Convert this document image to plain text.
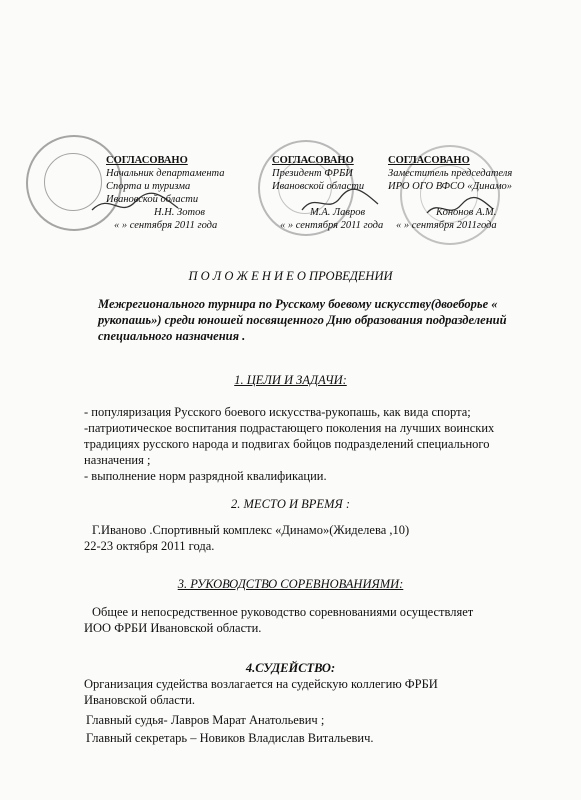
СОГЛАСОВАНО
Начальник департамента
Спорта и туризма
Ивановской области
Н.Н. Зотов
« » сентября 2011 года
СОГЛАСОВАНО
Президент ФРБИ
Ивановской области
М.А. Лавров
« » сентября 2011 года
СОГЛАСОВАНО
Заместитель председателя
ИРО ОГО ВФСО «Динамо»
Кононов А.М.
« » сентября 2011года
П О Л О Ж Е Н И Е О ПРОВЕДЕНИИ
Межрегионального турнира по Русскому боевому искусству(двоеборье «
рукопашь») среди юношей посвященного Дню образования подразделений
специального назначения .
1. ЦЕЛИ И ЗАДАЧИ:
- популяризация Русского боевого искусства-рукопашь, как вида спорта;
-патриотическое воспитания подрастающего поколения на лучших воинских
традициях русского народа и подвигах бойцов подразделений специального
назначения ;
- выполнение норм разрядной квалификации.
2. МЕСТО И ВРЕМЯ :
Г.Иваново .Спортивный комплекс «Динамо»(Жиделева ,10)
22-23 октября 2011 года.
3. РУКОВОДСТВО СОРЕВНОВАНИЯМИ:
Общее и непосредственное руководство соревнованиями осуществляет
ИОО ФРБИ Ивановской области.
4.СУДЕЙСТВО:
Организация судейства возлагается на судейскую коллегию ФРБИ
Ивановской области.
Главный судья- Лавров Марат Анатольевич ;
Главный секретарь – Новиков Владислав Витальевич.
